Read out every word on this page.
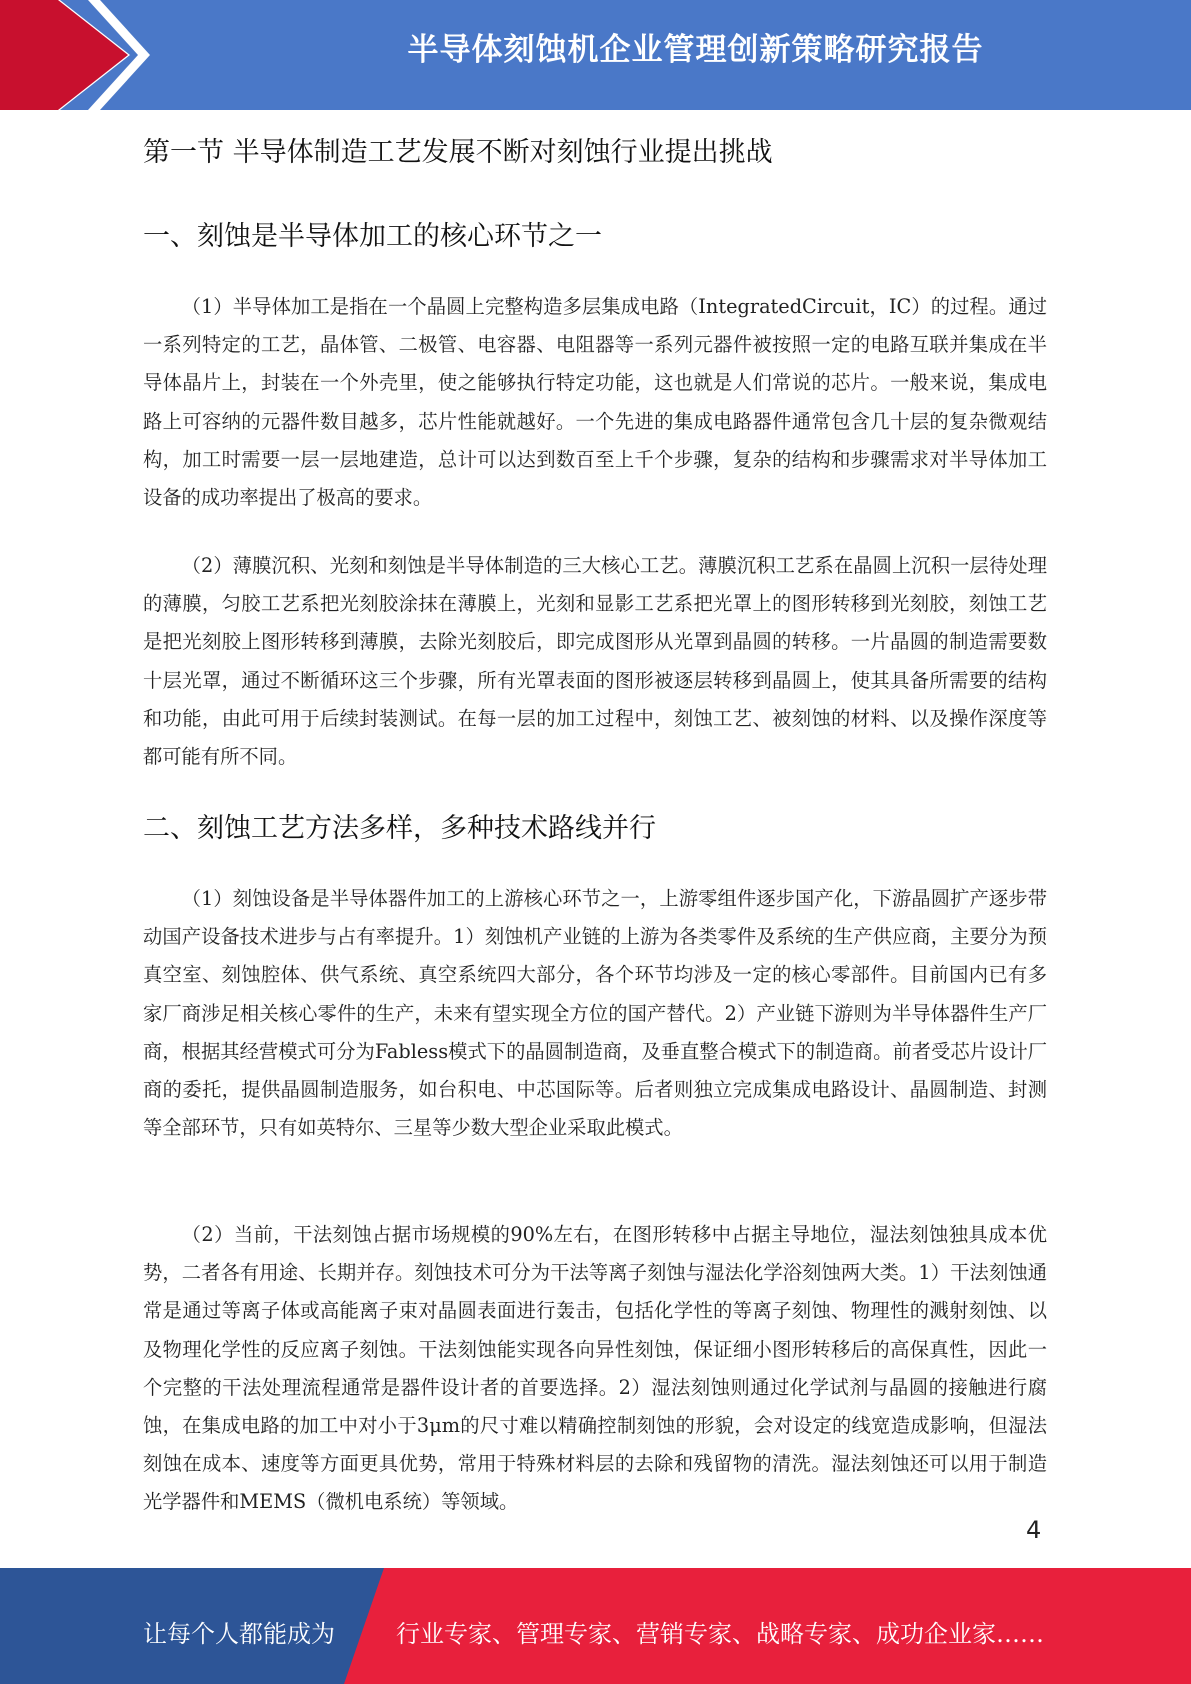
半导体刻蚀机企业管理创新策略研究报告
第一节 半导体制造工艺发展不断对刻蚀行业提出挑战
一、刻蚀是半导体加工的核心环节之一

（1）半导体加工是指在一个晶圆上完整构造多层集成电路（IntegratedCircuit，IC）的过程。通过一系列特定的工艺，晶体管、二极管、电容器、电阻器等一系列元器件被按照一定的电路互联并集成在半导体晶片上，封装在一个外壳里，使之能够执行特定功能，这也就是人们常说的芯片。一般来说，集成电路上可容纳的元器件数目越多，芯片性能就越好。一个先进的集成电路器件通常包含几十层的复杂微观结构，加工时需要一层一层地建造，总计可以达到数百至上千个步骤，复杂的结构和步骤需求对半导体加工设备的成功率提出了极高的要求。

（2）薄膜沉积、光刻和刻蚀是半导体制造的三大核心工艺。薄膜沉积工艺系在晶圆上沉积一层待处理的薄膜，匀胶工艺系把光刻胶涂抹在薄膜上，光刻和显影工艺系把光罩上的图形转移到光刻胶，刻蚀工艺是把光刻胶上图形转移到薄膜，去除光刻胶后，即完成图形从光罩到晶圆的转移。一片晶圆的制造需要数十层光罩，通过不断循环这三个步骤，所有光罩表面的图形被逐层转移到晶圆上，使其具备所需要的结构和功能，由此可用于后续封装测试。在每一层的加工过程中，刻蚀工艺、被刻蚀的材料、以及操作深度等都可能有所不同。

二、刻蚀工艺方法多样，多种技术路线并行

（1）刻蚀设备是半导体器件加工的上游核心环节之一，上游零组件逐步国产化，下游晶圆扩产逐步带动国产设备技术进步与占有率提升。1）刻蚀机产业链的上游为各类零件及系统的生产供应商，主要分为预真空室、刻蚀腔体、供气系统、真空系统四大部分，各个环节均涉及一定的核心零部件。目前国内已有多家厂商涉足相关核心零件的生产，未来有望实现全方位的国产替代。2）产业链下游则为半导体器件生产厂商，根据其经营模式可分为Fabless模式下的晶圆制造商，及垂直整合模式下的制造商。前者受芯片设计厂商的委托，提供晶圆制造服务，如台积电、中芯国际等。后者则独立完成集成电路设计、晶圆制造、封测等全部环节，只有如英特尔、三星等少数大型企业采取此模式。

（2）当前，干法刻蚀占据市场规模的90%左右，在图形转移中占据主导地位，湿法刻蚀独具成本优势，二者各有用途、长期并存。刻蚀技术可分为干法等离子刻蚀与湿法化学浴刻蚀两大类。1）干法刻蚀通常是通过等离子体或高能离子束对晶圆表面进行轰击，包括化学性的等离子刻蚀、物理性的溅射刻蚀、以及物理化学性的反应离子刻蚀。干法刻蚀能实现各向异性刻蚀，保证细小图形转移后的高保真性，因此一个完整的干法处理流程通常是器件设计者的首要选择。2）湿法刻蚀则通过化学试剂与晶圆的接触进行腐蚀，在集成电路的加工中对小于3μm的尺寸难以精确控制刻蚀的形貌，会对设定的线宽造成影响，但湿法刻蚀在成本、速度等方面更具优势，常用于特殊材料层的去除和残留物的清洗。湿法刻蚀还可以用于制造光学器件和MEMS（微机电系统）等领域。

4
让每个人都能成为	行业专家、管理专家、营销专家、战略专家、成功企业家……
